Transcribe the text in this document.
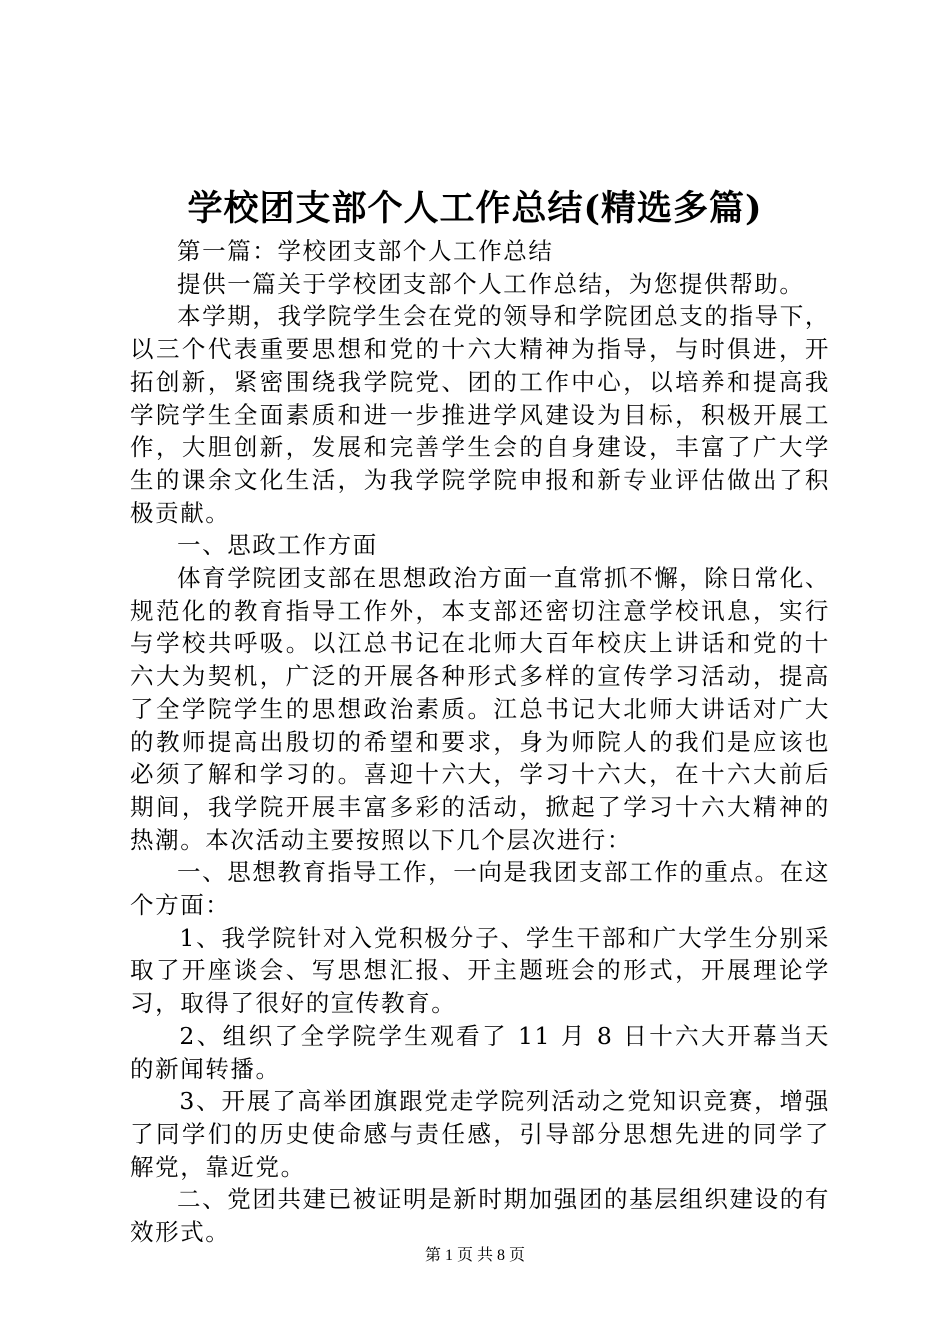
学校团支部个人工作总结(精选多篇)

第一篇：学校团支部个人工作总结

提供一篇关于学校团支部个人工作总结，为您提供帮助。

本学期，我学院学生会在党的领导和学院团总支的指导下，以三个代表重要思想和党的十六大精神为指导，与时俱进，开拓创新，紧密围绕我学院党、团的工作中心，以培养和提高我学院学生全面素质和进一步推进学风建设为目标，积极开展工作，大胆创新，发展和完善学生会的自身建设，丰富了广大学生的课余文化生活，为我学院学院申报和新专业评估做出了积极贡献。

一、思政工作方面

体育学院团支部在思想政治方面一直常抓不懈，除日常化、规范化的教育指导工作外，本支部还密切注意学校讯息，实行与学校共呼吸。以江总书记在北师大百年校庆上讲话和党的十六大为契机，广泛的开展各种形式多样的宣传学习活动，提高了全学院学生的思想政治素质。江总书记大北师大讲话对广大的教师提高出殷切的希望和要求，身为师院人的我们是应该也必须了解和学习的。喜迎十六大，学习十六大，在十六大前后期间，我学院开展丰富多彩的活动，掀起了学习十六大精神的热潮。本次活动主要按照以下几个层次进行：

一、思想教育指导工作，一向是我团支部工作的重点。在这个方面：

1、我学院针对入党积极分子、学生干部和广大学生分别采取了开座谈会、写思想汇报、开主题班会的形式，开展理论学习，取得了很好的宣传教育。

2、组织了全学院学生观看了 11 月 8 日十六大开幕当天的新闻转播。

3、开展了高举团旗跟党走学院列活动之党知识竞赛，增强了同学们的历史使命感与责任感，引导部分思想先进的同学了解党，靠近党。

二、党团共建已被证明是新时期加强团的基层组织建设的有效形式。

第 1 页 共 8 页
